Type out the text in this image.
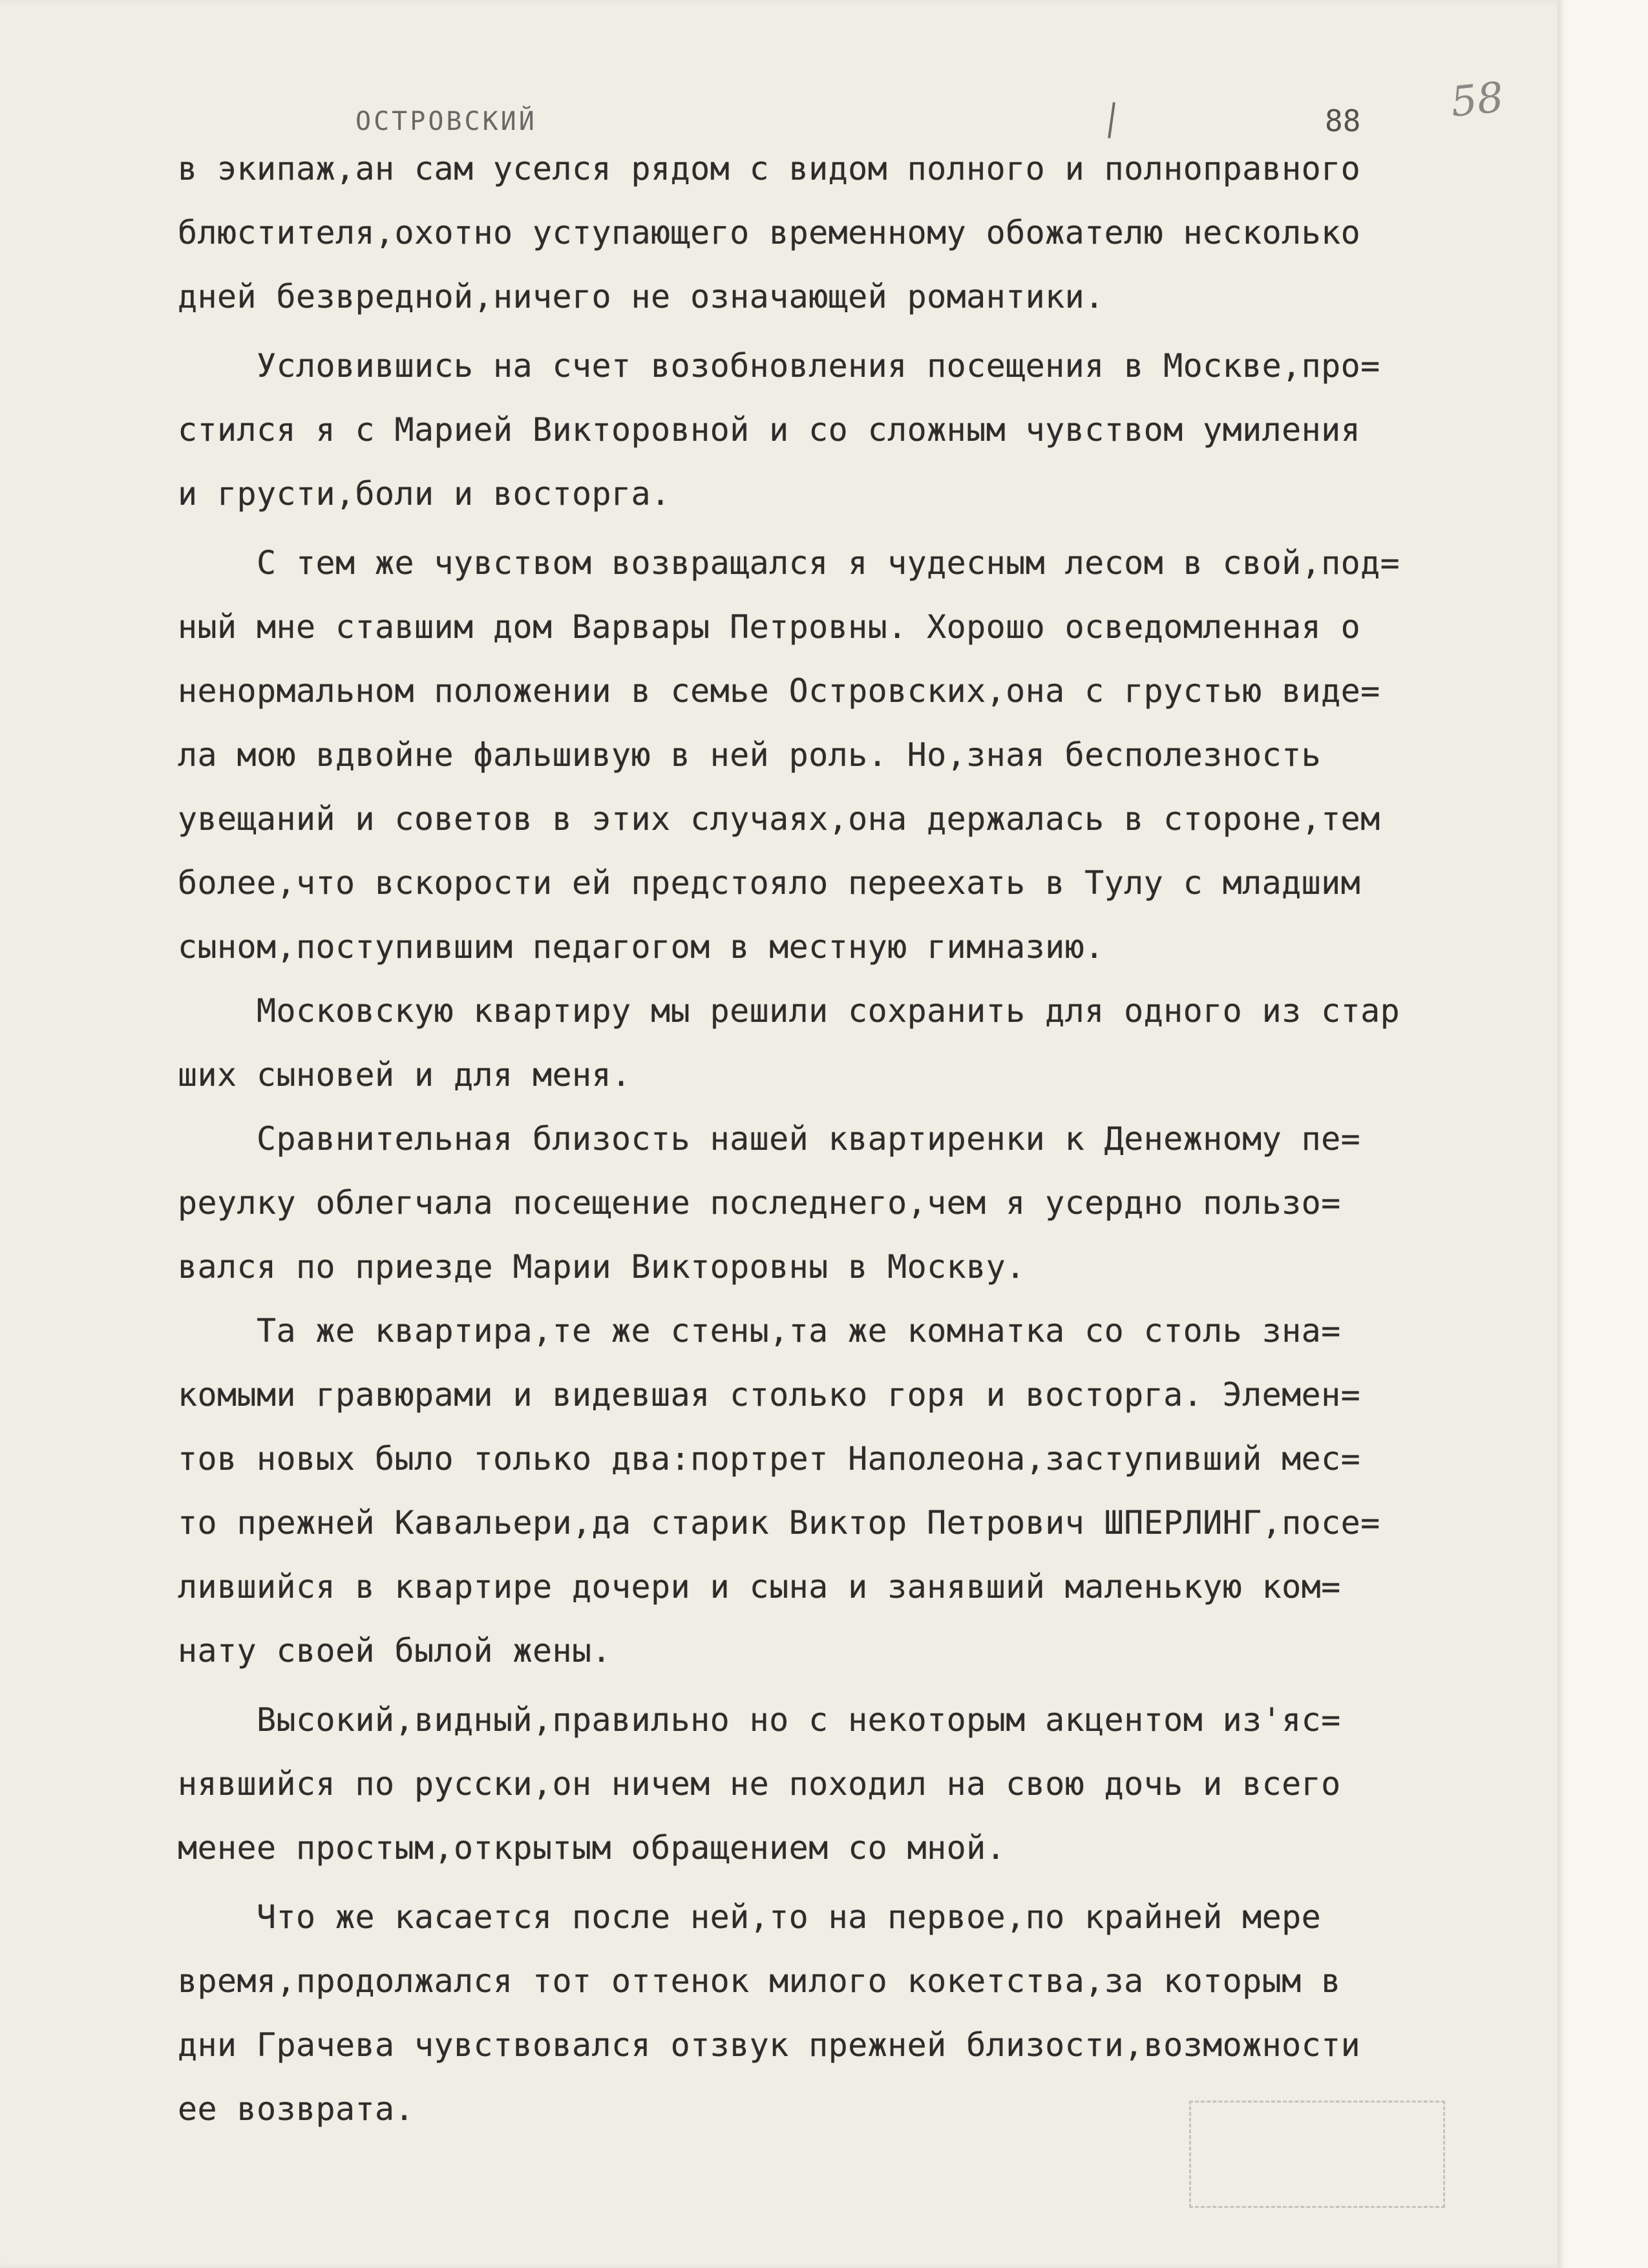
ОСТРОВСКИЙ	88 58
в экипаж,ан сам уселся рядом с видом полного и полноправного
блюстителя,охотно уступающего временному обожателю несколько
дней безвредной,ничего не означающей романтики.
Условившись на счет возобновления посещения в Москве,про=
стился я с Марией Викторовной и со сложным чувством умиления
и грусти,боли и восторга.
С тем же чувством возвращался я чудесным лесом в свой,под=
ный мне ставшим дом Варвары Петровны. Хорошо осведомленная о
ненормальном положении в семье Островских,она с грустью виде=
ла мою вдвойне фальшивую в ней роль. Но,зная бесполезность
увещаний и советов в этих случаях,она держалась в стороне,тем
более,что вскорости ей предстояло переехать в Тулу с младшим
сыном,поступившим педагогом в местную гимназию.
Московскую квартиру мы решили сохранить для одного из стар
ших сыновей и для меня.
Сравнительная близость нашей квартиренки к Денежному пе=
реулку облегчала посещение последнего,чем я усердно пользо=
вался по приезде Марии Викторовны в Москву.
Та же квартира,те же стены,та же комнатка со столь зна=
комыми гравюрами и видевшая столько горя и восторга. Элемен=
тов новых было только два:портрет Наполеона,заступивший мес=
то прежней Кавальери,да старик Виктор Петрович ШПЕРЛИНГ,посе=
лившийся в квартире дочери и сына и занявший маленькую ком=
нату своей былой жены.
Высокий,видный,правильно но с некоторым акцентом из'яс=
нявшийся по русски,он ничем не походил на свою дочь и всего
менее простым,открытым обращением со мной.
Что же касается после ней,то на первое,по крайней мере
время,продолжался тот оттенок милого кокетства,за которым в
дни Грачева чувствовался отзвук прежней близости,возможности
ее возврата.
